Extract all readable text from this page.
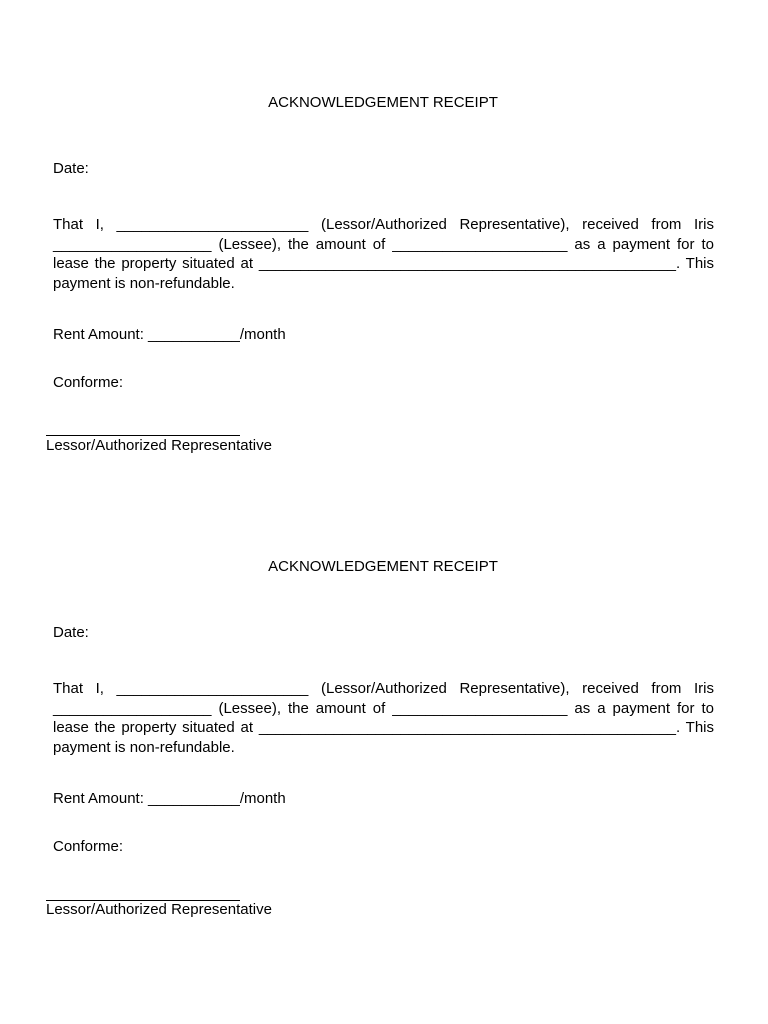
ACKNOWLEDGEMENT RECEIPT
Date:

That I, _______________________ (Lessor/Authorized Representative), received from Iris ___________________ (Lessee), the amount of _____________________ as a payment for to lease the property situated at __________________________________________________. This payment is non-refundable.

Rent Amount: ___________/month
Conforme:
Lessor/Authorized Representative
ACKNOWLEDGEMENT RECEIPT
Date:

That I, _______________________ (Lessor/Authorized Representative), received from Iris ___________________ (Lessee), the amount of _____________________ as a payment for to lease the property situated at __________________________________________________. This payment is non-refundable.

Rent Amount: ___________/month
Conforme:
Lessor/Authorized Representative
